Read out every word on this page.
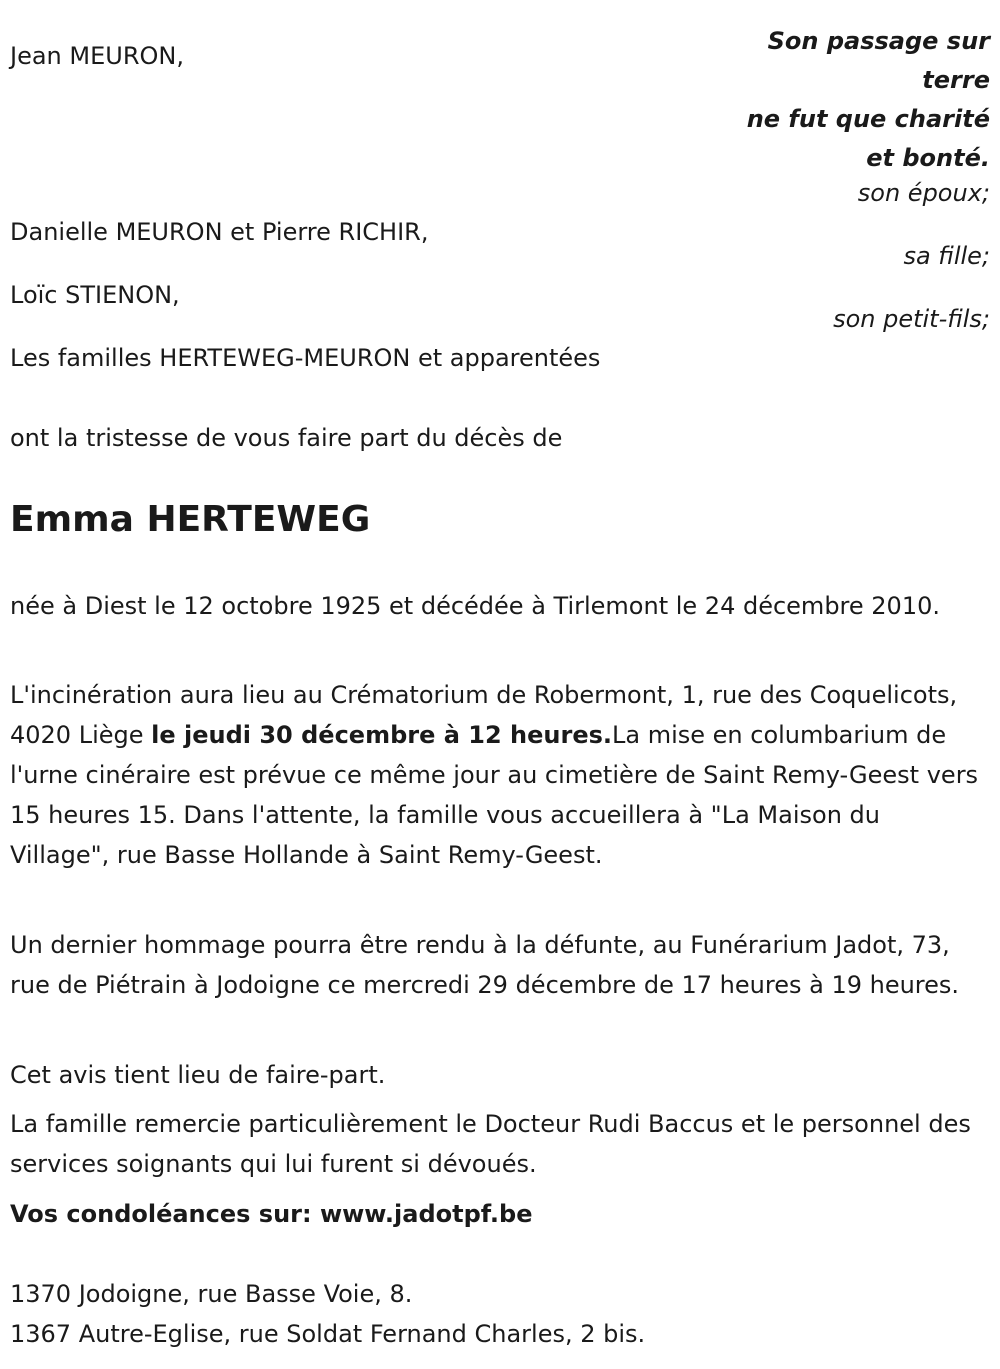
Jean MEURON,
Son passage sur
terre
ne fut que charité
et bonté.
son époux;
Danielle MEURON et Pierre RICHIR,
sa fille;
Loïc STIENON,
son petit-fils;
Les familles HERTEWEG-MEURON et apparentées
ont la tristesse de vous faire part du décès de
Emma HERTEWEG
née à Diest le 12 octobre 1925 et décédée à Tirlemont le 24 décembre 2010.
L'incinération aura lieu au Crématorium de Robermont, 1, rue des Coquelicots, 4020 Liège le jeudi 30 décembre à 12 heures.La mise en columbarium de l'urne cinéraire est prévue ce même jour au cimetière de Saint Remy-Geest vers 15 heures 15. Dans l'attente, la famille vous accueillera à "La Maison du Village", rue Basse Hollande à Saint Remy-Geest.
Un dernier hommage pourra être rendu à la défunte, au Funérarium Jadot, 73, rue de Piétrain à Jodoigne ce mercredi 29 décembre de 17 heures à 19 heures.
Cet avis tient lieu de faire-part.
La famille remercie particulièrement le Docteur Rudi Baccus et le personnel des services soignants qui lui furent si dévoués.
Vos condoléances sur: www.jadotpf.be
1370 Jodoigne, rue Basse Voie, 8.
1367 Autre-Eglise, rue Soldat Fernand Charles, 2 bis.
